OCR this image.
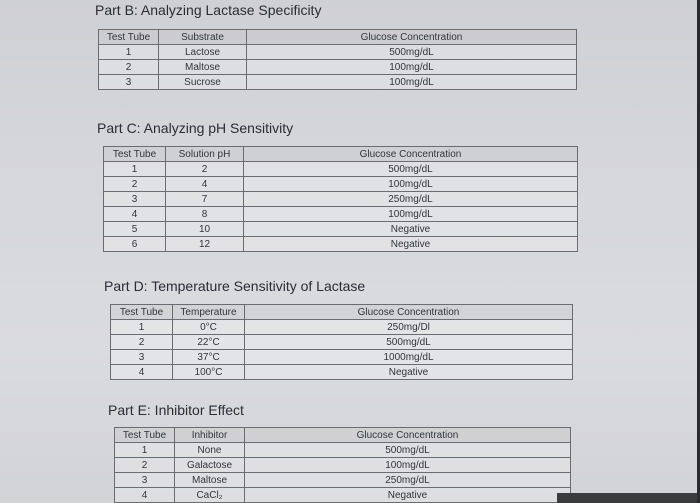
Part B: Analyzing Lactase Specificity
Test Tube	Substrate	Glucose Concentration
1	Lactose	500mg/dL
2	Maltose	100mg/dL
3	Sucrose	100mg/dL
Part C: Analyzing pH Sensitivity
Test Tube	Solution pH	Glucose Concentration
1	2	500mg/dL
2	4	100mg/dL
3	7	250mg/dL
4	8	100mg/dL
5	10	Negative
6	12	Negative
Part D: Temperature Sensitivity of Lactase
Test Tube	Temperature	Glucose Concentration
1	0°C	250mg/Dl
2	22°C	500mg/dL
3	37°C	1000mg/dL
4	100°C	Negative
Part E: Inhibitor Effect
Test Tube	Inhibitor	Glucose Concentration
1	None	500mg/dL
2	Galactose	100mg/dL
3	Maltose	250mg/dL
4	CaCl₂	Negative
